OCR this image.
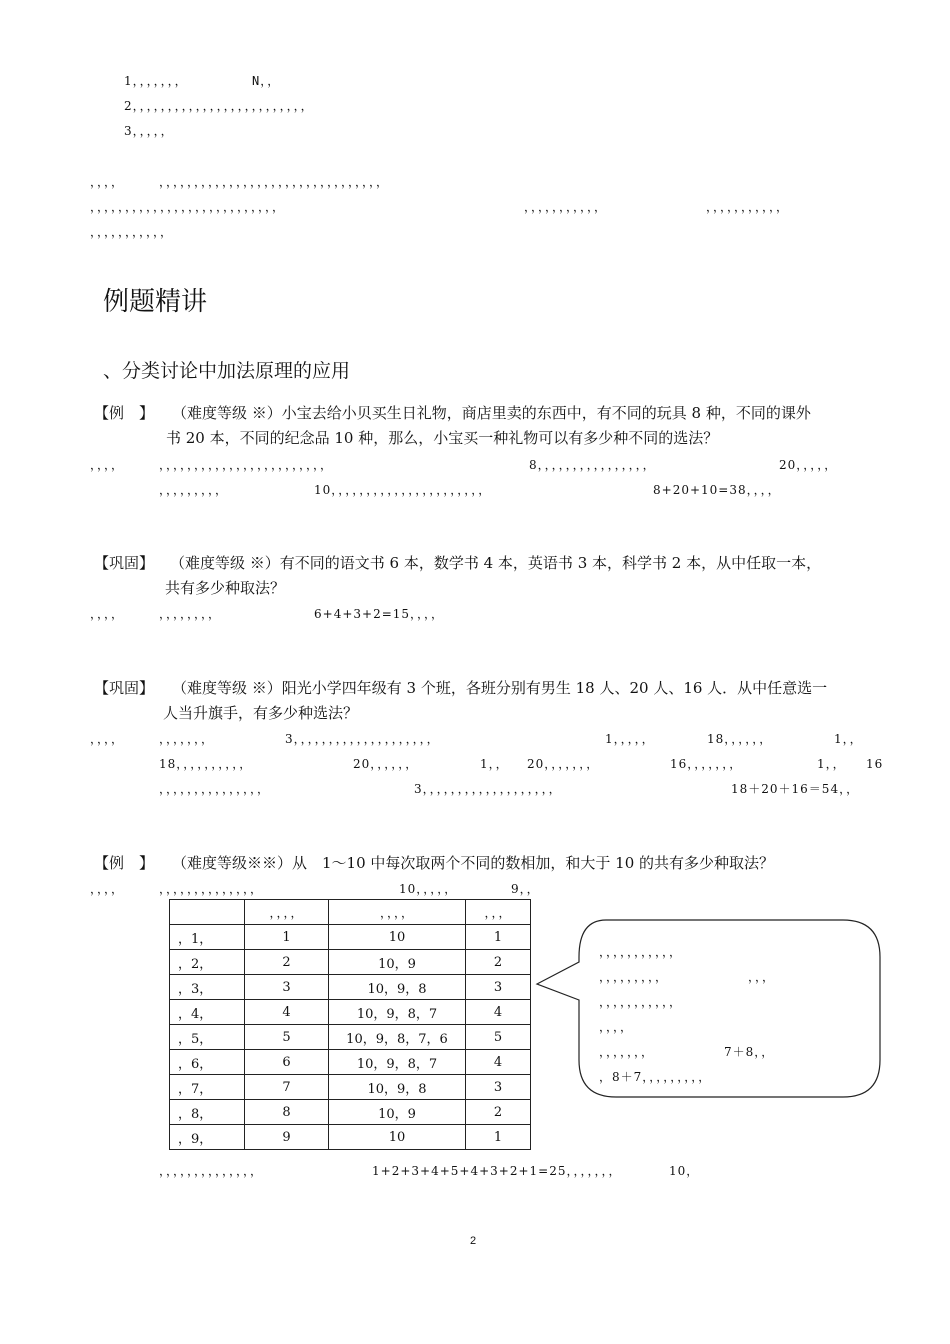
1，，，，，，，	N，，
2，，，，，，，，，，，，，，，，，，，，，，，，，
3，，，，，
，，，，	，，，，，，，，，，，，，，，，，，，，，，，，，，，，，，，，
，，，，，，，，，，，，，，，，，，，，，，，，，，，	，，，，，，，，，，，	，，，，，，，，，，，
，，，，，，，，，，，
例题精讲
、分类讨论中加法原理的应用
【例　】 （难度等级 ※）小宝去给小贝买生日礼物，商店里卖的东西中，有不同的玩具 8 种，不同的课外
书 20 本，不同的纪念品 10 种，那么，小宝买一种礼物可以有多少种不同的选法？
，，，，	，，，，，，，，，，，，，，，，，，，，，，，，	8，，，，，，，，，，，，，，，，	20，，，，，
，，，，，，，，，	10，，，，，，，，，，，，，，，，，，，，，，	8+20+10=38，，，，
【巩固】 （难度等级 ※）有不同的语文书 6 本，数学书 4 本，英语书 3 本，科学书 2 本，从中任取一本，
共有多少种取法？
，，，，	，，，，，，，，	6+4+3+2=15，，，，
【巩固】 （难度等级 ※）阳光小学四年级有 3 个班，各班分别有男生 18 人、20 人、16 人．从中任意选一
人当升旗手，有多少种选法？
，，，，	，，，，，，，	3，，，，，，，，，，，，，，，，，，，，	1，，，，，	18，，，，，，	1，，
18，，，，，，，，，，	20，，，，，，	1，， 20，，，，，，，	16，，，，，，，	1，， 16
，，，，，，，，，，，，，，，	3，，，，，，，，，，，，，，，，，，，	18＋20＋16＝54，，
【例　】 （难度等级※※）从　1～10 中每次取两个不同的数相加，和大于 10 的共有多少种取法？
，，，，	，，，，，，，，，，，，，，	10，，，，，	9，，
	，，，，	，，，，	，，，
，1，	1	10	1
，2，	2	10，9	2
，3，	3	10，9，8	3
，4，	4	10，9，8，7	4
，5，	5	10，9，8，7，6	5
，6，	6	10，9，8，7	4
，7，	7	10，9，8	3
，8，	8	10，9	2
，9，	9	10	1
，，，，，，，，，，，
，，，，，，，，，	，，，
，，，，，，，，，，，
，，，，
，，，，，，，	7＋8，，
，8＋7，，，，，，，，，
，，，，，，，，，，，，，，	1+2+3+4+5+4+3+2+1=25，，，，，，，	10，
2
